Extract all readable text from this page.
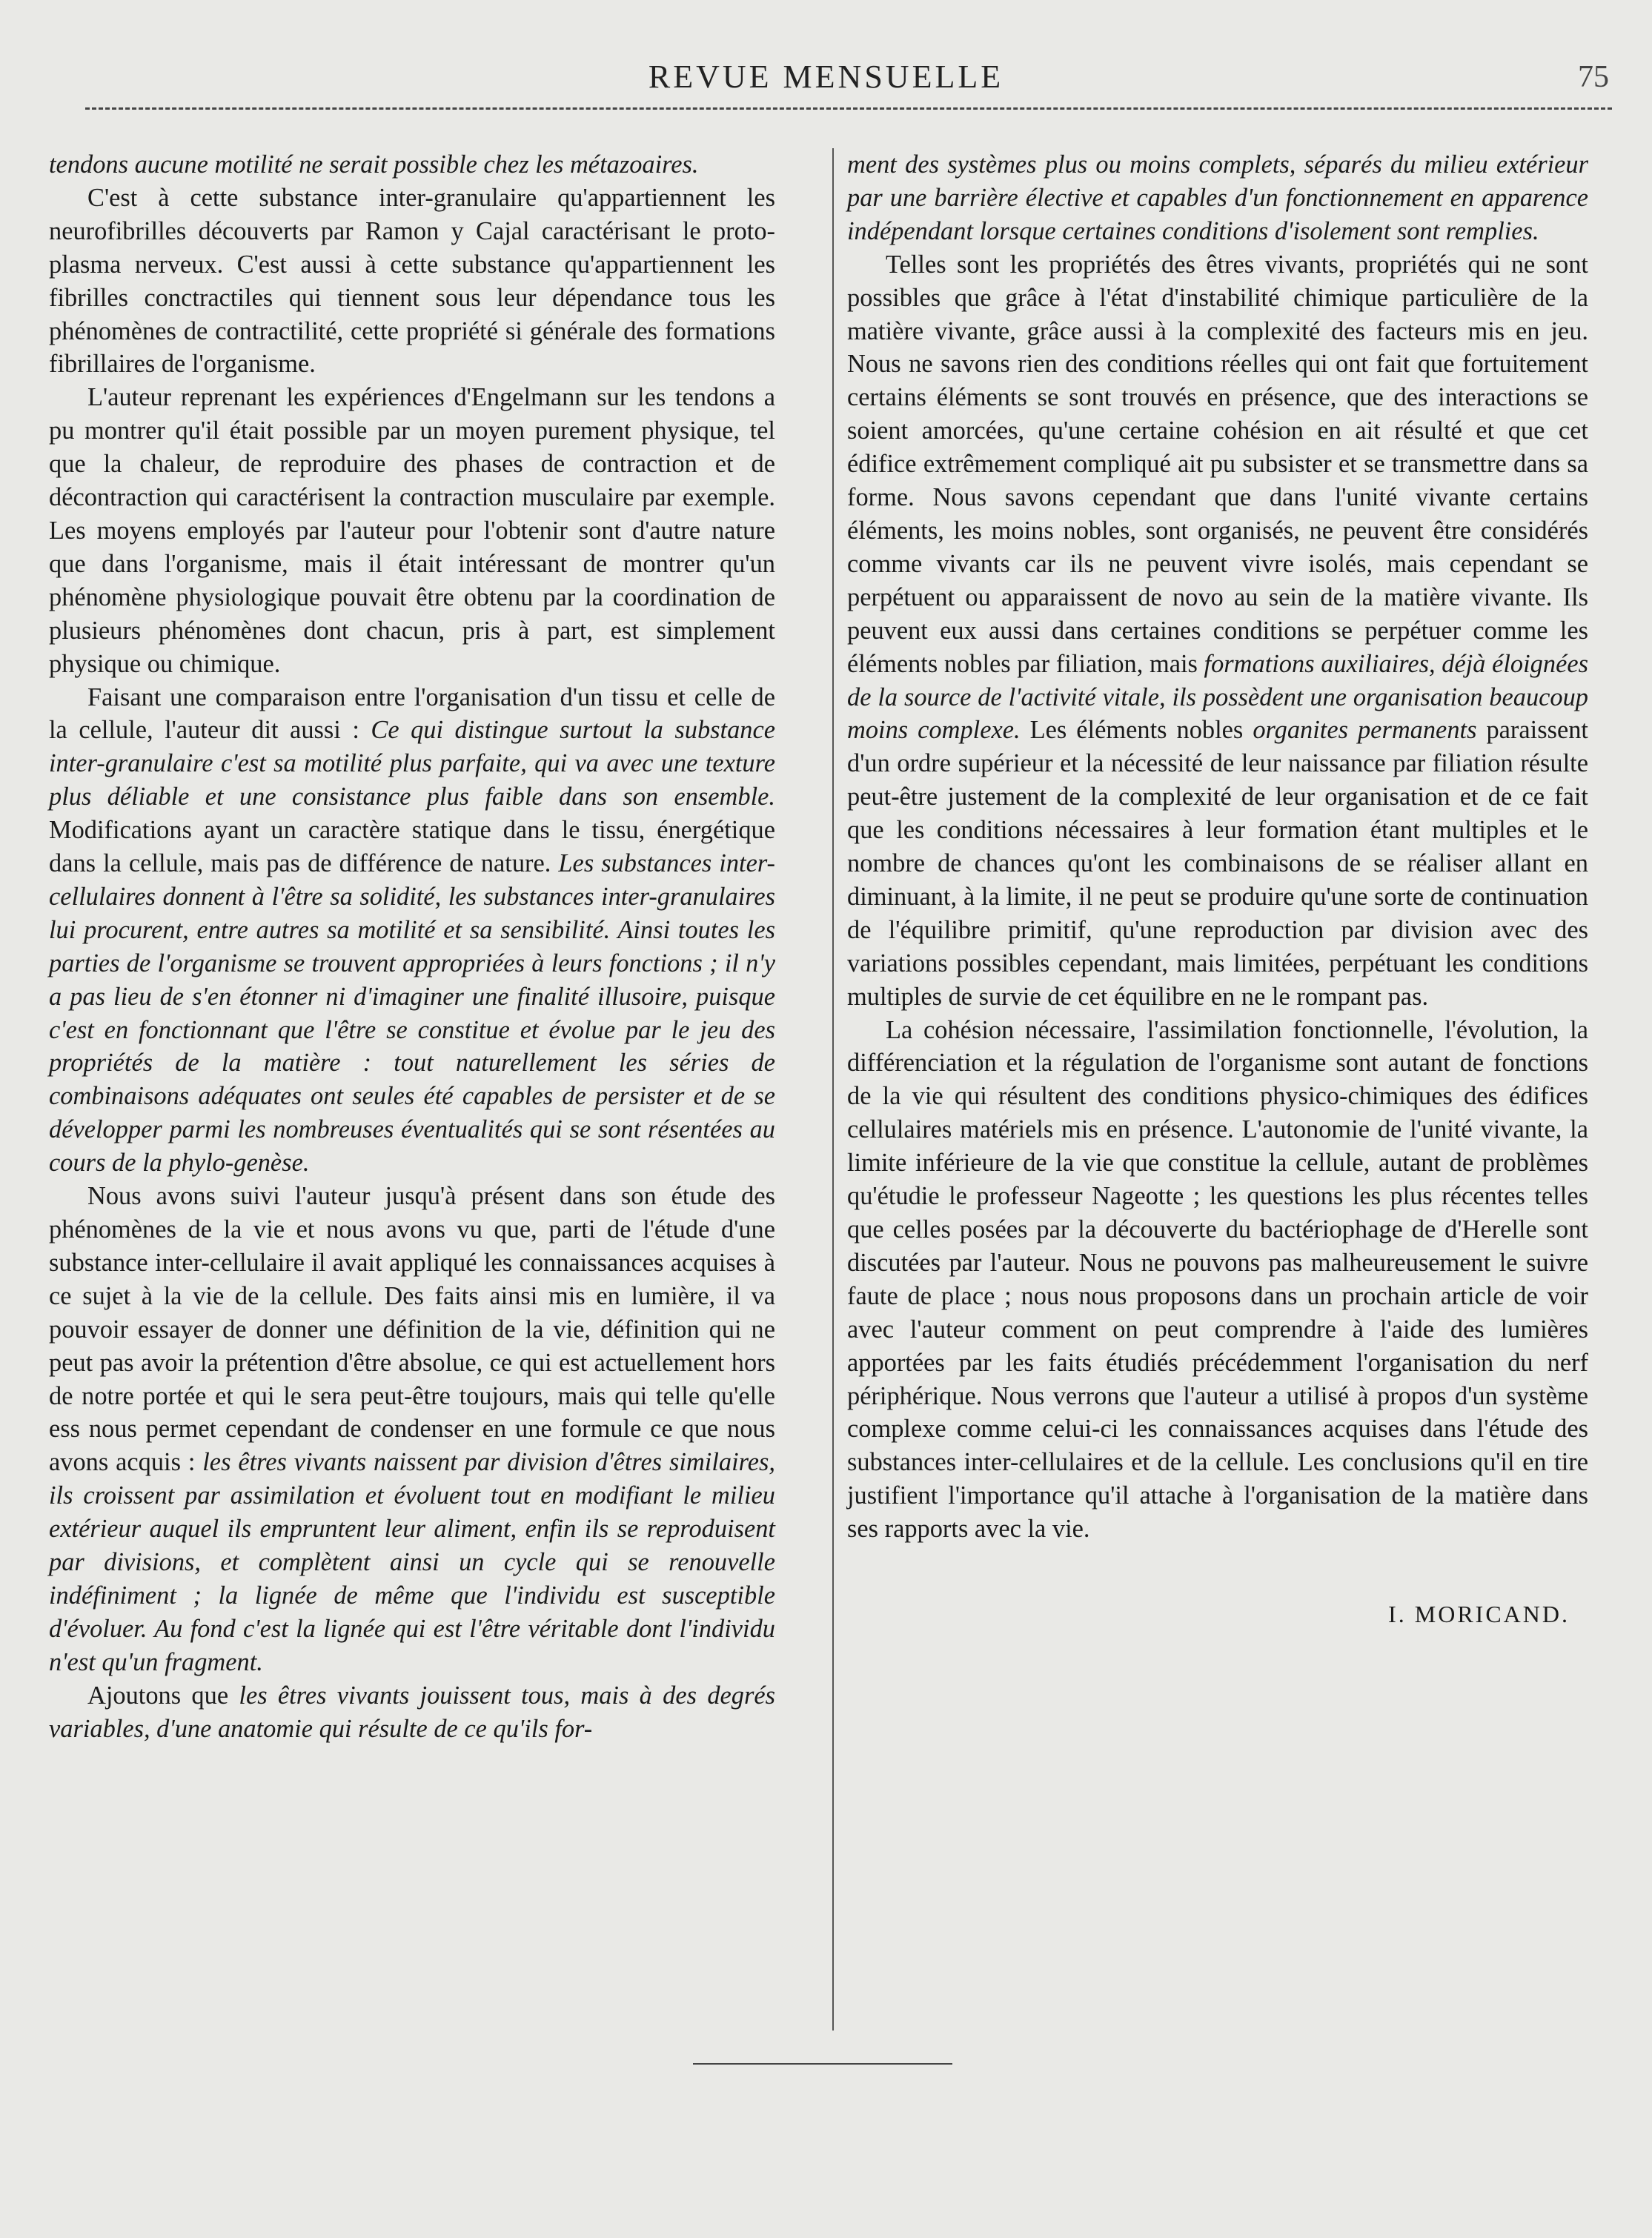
REVUE MENSUELLE	75

tendons aucune motilité ne serait possible chez les métazoaires.

C'est à cette substance inter-granulaire qu'appartiennent les neurofibrilles découverts par Ramon y Cajal caractérisant le proto-plasma nerveux. C'est aussi à cette substance qu'appartiennent les fibrilles conctractiles qui tiennent sous leur dépendance tous les phénomènes de contractilité, cette propriété si générale des formations fibrillaires de l'organisme.

L'auteur reprenant les expériences d'Engelmann sur les tendons a pu montrer qu'il était possible par un moyen purement physique, tel que la chaleur, de reproduire des phases de contraction et de décontraction qui caractérisent la contraction musculaire par exemple. Les moyens employés par l'auteur pour l'obtenir sont d'autre nature que dans l'organisme, mais il était intéressant de montrer qu'un phénomène physiologique pouvait être obtenu par la coordination de plusieurs phénomènes dont chacun, pris à part, est simplement physique ou chimique.

Faisant une comparaison entre l'organisation d'un tissu et celle de la cellule, l'auteur dit aussi : Ce qui distingue surtout la substance inter-granulaire c'est sa motilité plus parfaite, qui va avec une texture plus déliable et une consistance plus faible dans son ensemble. Modifications ayant un caractère statique dans le tissu, énergétique dans la cellule, mais pas de différence de nature. Les substances inter-cellulaires donnent à l'être sa solidité, les substances inter-granulaires lui procurent, entre autres sa motilité et sa sensibilité. Ainsi toutes les parties de l'organisme se trouvent appropriées à leurs fonctions ; il n'y a pas lieu de s'en étonner ni d'imaginer une finalité illusoire, puisque c'est en fonctionnant que l'être se constitue et évolue par le jeu des propriétés de la matière : tout naturellement les séries de combinaisons adéquates ont seules été capables de persister et de se développer parmi les nombreuses éventualités qui se sont résentées au cours de la phylo-genèse.

Nous avons suivi l'auteur jusqu'à présent dans son étude des phénomènes de la vie et nous avons vu que, parti de l'étude d'une substance inter-cellulaire il avait appliqué les connaissances acquises à ce sujet à la vie de la cellule. Des faits ainsi mis en lumière, il va pouvoir essayer de donner une définition de la vie, définition qui ne peut pas avoir la prétention d'être absolue, ce qui est actuellement hors de notre portée et qui le sera peut-être toujours, mais qui telle qu'elle ess nous permet cependant de condenser en une formule ce que nous avons acquis : les êtres vivants naissent par division d'êtres similaires, ils croissent par assimilation et évoluent tout en modifiant le milieu extérieur auquel ils empruntent leur aliment, enfin ils se reproduisent par divisions, et complètent ainsi un cycle qui se renouvelle indéfiniment ; la lignée de même que l'individu est susceptible d'évoluer. Au fond c'est la lignée qui est l'être véritable dont l'individu n'est qu'un fragment.

Ajoutons que les êtres vivants jouissent tous, mais à des degrés variables, d'une anatomie qui résulte de ce qu'ils for-

ment des systèmes plus ou moins complets, séparés du milieu extérieur par une barrière élective et capables d'un fonctionnement en apparence indépendant lorsque certaines conditions d'isolement sont remplies.

Telles sont les propriétés des êtres vivants, propriétés qui ne sont possibles que grâce à l'état d'instabilité chimique particulière de la matière vivante, grâce aussi à la complexité des facteurs mis en jeu. Nous ne savons rien des conditions réelles qui ont fait que fortuitement certains éléments se sont trouvés en présence, que des interactions se soient amorcées, qu'une certaine cohésion en ait résulté et que cet édifice extrêmement compliqué ait pu subsister et se transmettre dans sa forme. Nous savons cependant que dans l'unité vivante certains éléments, les moins nobles, sont organisés, ne peuvent être considérés comme vivants car ils ne peuvent vivre isolés, mais cependant se perpétuent ou apparaissent de novo au sein de la matière vivante. Ils peuvent eux aussi dans certaines conditions se perpétuer comme les éléments nobles par filiation, mais formations auxiliaires, déjà éloignées de la source de l'activité vitale, ils possèdent une organisation beaucoup moins complexe. Les éléments nobles organites permanents paraissent d'un ordre supérieur et la nécessité de leur naissance par filiation résulte peut-être justement de la complexité de leur organisation et de ce fait que les conditions nécessaires à leur formation étant multiples et le nombre de chances qu'ont les combinaisons de se réaliser allant en diminuant, à la limite, il ne peut se produire qu'une sorte de continuation de l'équilibre primitif, qu'une reproduction par division avec des variations possibles cependant, mais limitées, perpétuant les conditions multiples de survie de cet équilibre en ne le rompant pas.

La cohésion nécessaire, l'assimilation fonctionnelle, l'évolution, la différenciation et la régulation de l'organisme sont autant de fonctions de la vie qui résultent des conditions physico-chimiques des édifices cellulaires matériels mis en présence. L'autonomie de l'unité vivante, la limite inférieure de la vie que constitue la cellule, autant de problèmes qu'étudie le professeur Nageotte ; les questions les plus récentes telles que celles posées par la découverte du bactériophage de d'Herelle sont discutées par l'auteur. Nous ne pouvons pas malheureusement le suivre faute de place ; nous nous proposons dans un prochain article de voir avec l'auteur comment on peut comprendre à l'aide des lumières apportées par les faits étudiés précédemment l'organisation du nerf périphérique. Nous verrons que l'auteur a utilisé à propos d'un système complexe comme celui-ci les connaissances acquises dans l'étude des substances inter-cellulaires et de la cellule. Les conclusions qu'il en tire justifient l'importance qu'il attache à l'organisation de la matière dans ses rapports avec la vie.

I. MORICAND.
